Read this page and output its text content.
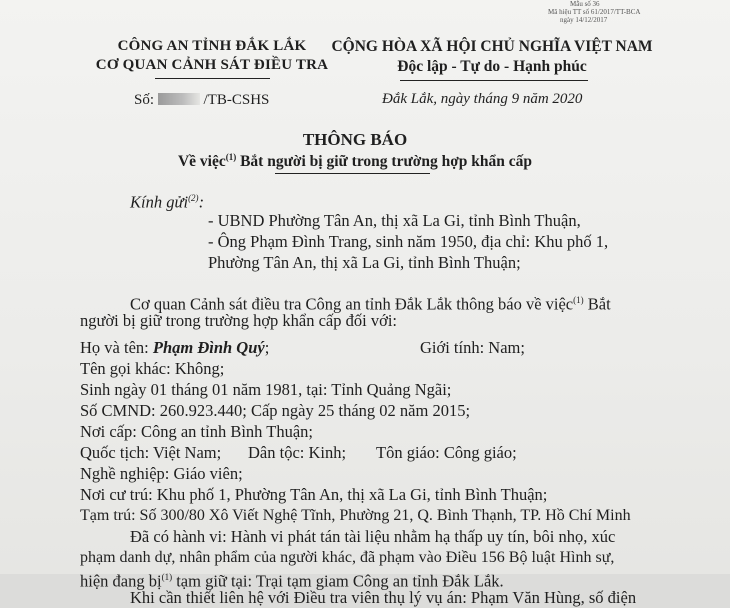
Mẫu số 36
Mã hiệu TT số 61/2017/TT-BCA
ngày 14/12/2017
CÔNG AN TỈNH ĐẮK LẮK
CƠ QUAN CẢNH SÁT ĐIỀU TRA
CỘNG HÒA XÃ HỘI CHỦ NGHĨA VIỆT NAM
Độc lập - Tự do - Hạnh phúc
Số:	/TB-CSHS	Đắk Lắk, ngày tháng 9 năm 2020
THÔNG BÁO
Về việc$^{(1)}$ Bắt người bị giữ trong trường hợp khẩn cấp
Kính gửi$^{(2)}$:
- UBND Phường Tân An, thị xã La Gi, tỉnh Bình Thuận,
- Ông Phạm Đình Trang, sinh năm 1950, địa chỉ: Khu phố 1,
Phường Tân An, thị xã La Gi, tỉnh Bình Thuận;
Cơ quan Cảnh sát điều tra Công an tỉnh Đắk Lắk thông báo về việc$^{(1)}$ Bắt
người bị giữ trong trường hợp khẩn cấp đối với:
Họ và tên: Phạm Đình Quý;	Giới tính: Nam;
Tên gọi khác: Không;
Sinh ngày 01 tháng 01 năm 1981, tại: Tỉnh Quảng Ngãi;
Số CMND: 260.923.440; Cấp ngày 25 tháng 02 năm 2015;
Nơi cấp: Công an tỉnh Bình Thuận;
Quốc tịch: Việt Nam; Dân tộc: Kinh; Tôn giáo: Công giáo;
Nghề nghiệp: Giáo viên;
Nơi cư trú: Khu phố 1, Phường Tân An, thị xã La Gi, tỉnh Bình Thuận;
Tạm trú: Số 300/80 Xô Viết Nghệ Tĩnh, Phường 21, Q. Bình Thạnh, TP. Hồ Chí Minh
Đã có hành vi: Hành vi phát tán tài liệu nhằm hạ thấp uy tín, bôi nhọ, xúc
phạm danh dự, nhân phẩm của người khác, đã phạm vào Điều 156 Bộ luật Hình sự,
hiện đang bị$^{(1)}$ tạm giữ tại: Trại tạm giam Công an tỉnh Đắk Lắk.
Khi cần thiết liên hệ với Điều tra viên thụ lý vụ án: Phạm Văn Hùng, số điện
